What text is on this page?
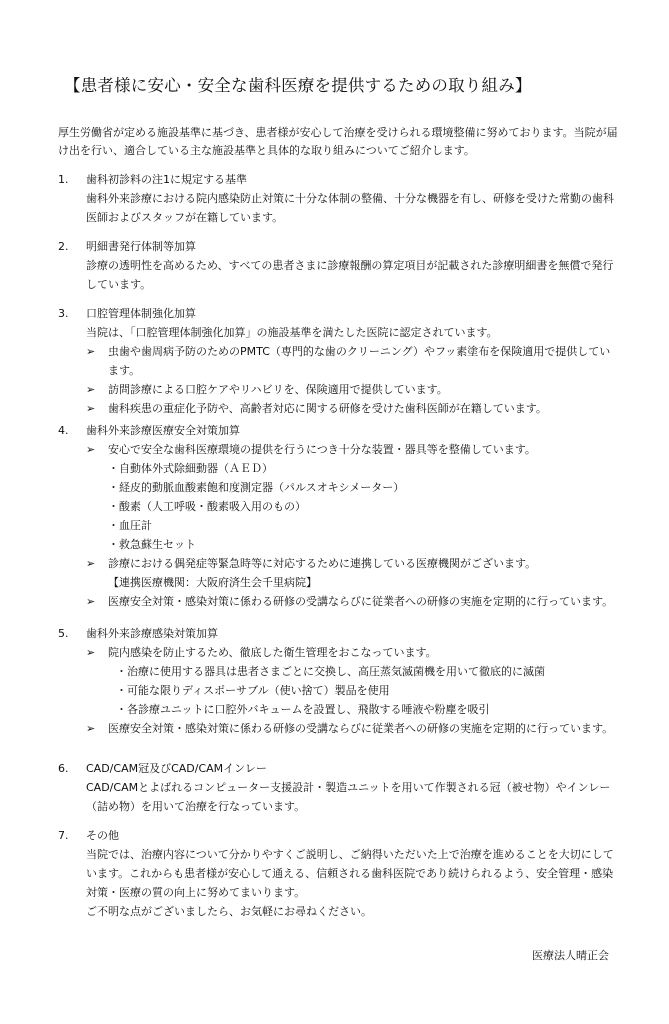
【患者様に安心・安全な歯科医療を提供するための取り組み】
厚生労働省が定める施設基準に基づき、患者様が安心して治療を受けられる環境整備に努めております。当院が届け出を行い、適合している主な施設基準と具体的な取り組みについてご紹介します。
1. 歯科初診料の注1に規定する基準
歯科外来診療における院内感染防止対策に十分な体制の整備、十分な機器を有し、研修を受けた常勤の歯科医師およびスタッフが在籍しています。
2. 明細書発行体制等加算
診療の透明性を高めるため、すべての患者さまに診療報酬の算定項目が記載された診療明細書を無償で発行しています。
3. 口腔管理体制強化加算
当院は、「口腔管理体制強化加算」の施設基準を満たした医院に認定されています。
➢ 虫歯や歯周病予防のためのPMTC（専門的な歯のクリーニング）やフッ素塗布を保険適用で提供しています。
➢ 訪問診療による口腔ケアやリハビリを、保険適用で提供しています。
➢ 歯科疾患の重症化予防や、高齢者対応に関する研修を受けた歯科医師が在籍しています。
4. 歯科外来診療医療安全対策加算
➢ 安心で安全な歯科医療環境の提供を行うにつき十分な装置・器具等を整備しています。
・自動体外式除細動器（ＡＥＤ）
・経皮的動脈血酸素飽和度測定器（パルスオキシメーター）
・酸素（人工呼吸・酸素吸入用のもの）
・血圧計
・救急蘇生セット
➢ 診療における偶発症等緊急時等に対応するために連携している医療機関がございます。
【連携医療機関：大阪府済生会千里病院】
➢ 医療安全対策・感染対策に係わる研修の受講ならびに従業者への研修の実施を定期的に行っています。
5. 歯科外来診療感染対策加算
➢ 院内感染を防止するため、徹底した衛生管理をおこなっています。
・治療に使用する器具は患者さまごとに交換し、高圧蒸気滅菌機を用いて徹底的に滅菌
・可能な限りディスポーサブル（使い捨て）製品を使用
・各診療ユニットに口腔外バキュームを設置し、飛散する唾液や粉塵を吸引
➢ 医療安全対策・感染対策に係わる研修の受講ならびに従業者への研修の実施を定期的に行っています。
6. CAD/CAM冠及びCAD/CAMインレー
CAD/CAMとよばれるコンピューター支援設計・製造ユニットを用いて作製される冠（被せ物）やインレー（詰め物）を用いて治療を行なっています。
7. その他
当院では、治療内容について分かりやすくご説明し、ご納得いただいた上で治療を進めることを大切にしています。これからも患者様が安心して通える、信頼される歯科医院であり続けられるよう、安全管理・感染対策・医療の質の向上に努めてまいります。
ご不明な点がございましたら、お気軽にお尋ねください。
医療法人晴正会
